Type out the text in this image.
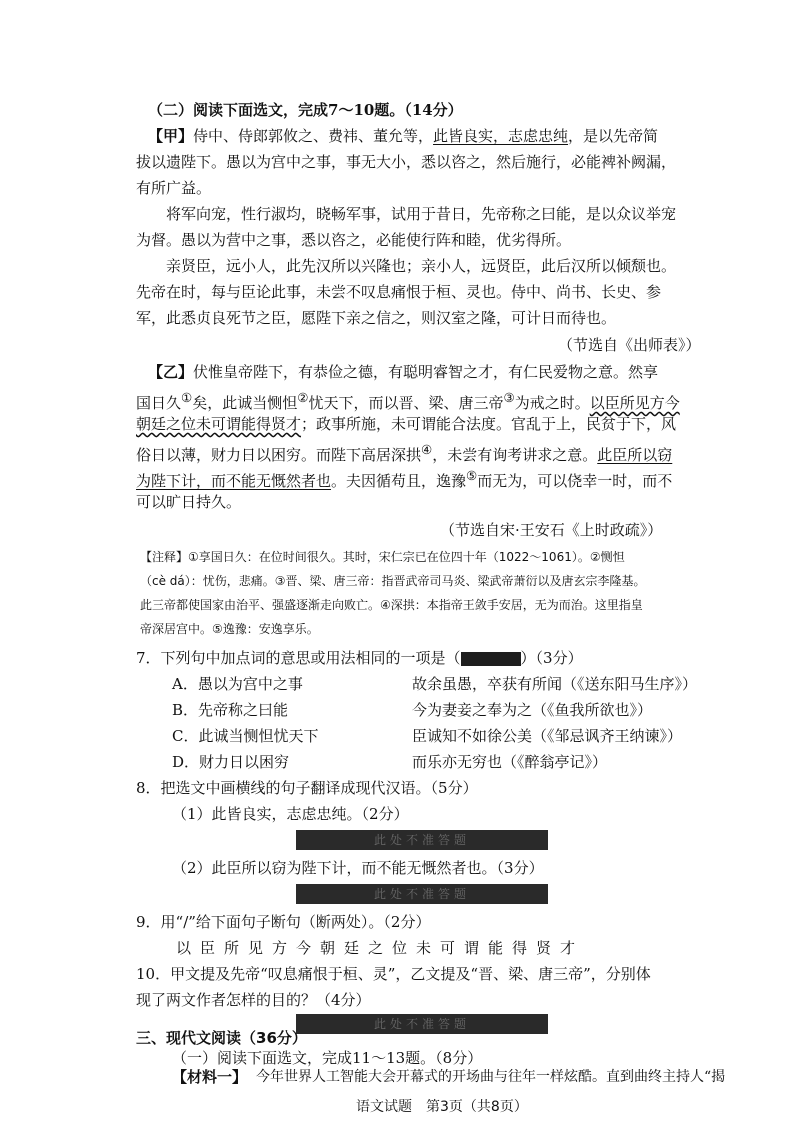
（二）阅读下面选文，完成7～10题。（14分）
【甲】侍中、侍郎郭攸之、费祎、董允等，此皆良实，志虑忠纯，是以先帝简
拔以遗陛下。愚以为宫中之事，事无大小，悉以咨之，然后施行，必能裨补阙漏，
有所广益。
将军向宠，性行淑均，晓畅军事，试用于昔日，先帝称之曰能，是以众议举宠
为督。愚以为营中之事，悉以咨之，必能使行阵和睦，优劣得所。
亲贤臣，远小人，此先汉所以兴隆也；亲小人，远贤臣，此后汉所以倾颓也。
先帝在时，每与臣论此事，未尝不叹息痛恨于桓、灵也。侍中、尚书、长史、参
军，此悉贞良死节之臣，愿陛下亲之信之，则汉室之隆，可计日而待也。
（节选自《出师表》）
【乙】伏惟皇帝陛下，有恭俭之德，有聪明睿智之才，有仁民爱物之意。然享
国日久①矣，此诚当恻怛②忧天下，而以晋、梁、唐三帝③为戒之时。以臣所见方今
朝廷之位未可谓能得贤才；政事所施，未可谓能合法度。官乱于上，民贫于下，风
俗日以薄，财力日以困穷。而陛下高居深拱④，未尝有询考讲求之意。此臣所以窃
为陛下计，而不能无慨然者也。夫因循苟且，逸豫⑤而无为，可以侥幸一时，而不
可以旷日持久。
（节选自宋·王安石《上时政疏》）
【注释】①享国日久：在位时间很久。其时，宋仁宗已在位四十年（1022～1061）。②恻怛
（cè dá）：忧伤，悲痛。③晋、梁、唐三帝：指晋武帝司马炎、梁武帝萧衍以及唐玄宗李隆基。
此三帝都使国家由治平、强盛逐渐走向败亡。④深拱：本指帝王敛手安居，无为而治。这里指皇
帝深居宫中。⑤逸豫：安逸享乐。
7．下列句中加点词的意思或用法相同的一项是（	）（3分）
A．愚以为宫中之事	故余虽愚，卒获有所闻（《送东阳马生序》）
B．先帝称之曰能	今为妻妾之奉为之（《鱼我所欲也》）
C．此诚当恻怛忧天下	臣诚知不如徐公美（《邹忌讽齐王纳谏》）
D．财力日以困穷	而乐亦无穷也（《醉翁亭记》）
8．把选文中画横线的句子翻译成现代汉语。（5分）
（1）此皆良实，志虑忠纯。（2分）
此处不准答题
（2）此臣所以窃为陛下计，而不能无慨然者也。（3分）
此处不准答题
9．用“/”给下面句子断句（断两处）。（2分）
以臣所见方今朝廷之位未可谓能得贤才
10．甲文提及先帝“叹息痛恨于桓、灵”，乙文提及“晋、梁、唐三帝”，分别体
现了两文作者怎样的目的？（4分）
此处不准答题
三、现代文阅读（36分）
（一）阅读下面选文，完成11～13题。（8分）
【材料一】 今年世界人工智能大会开幕式的开场曲与往年一样炫酷。直到曲终主持人“揭
语文试题　第3页（共8页）
